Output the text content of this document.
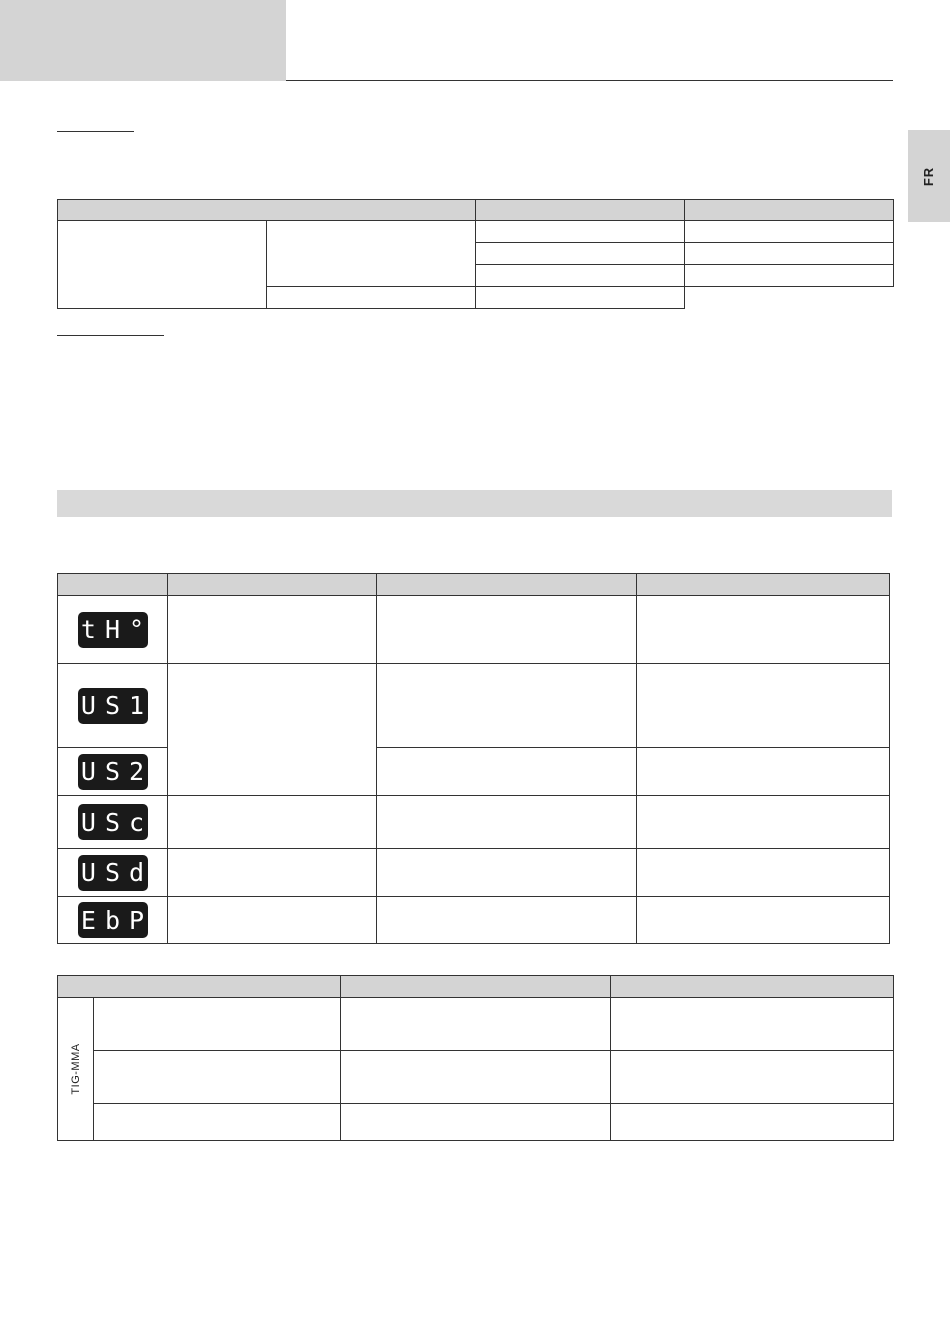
FR

tH°			

US1			

US2			

USc			

USd			

EbP			

TIG-MMA			
